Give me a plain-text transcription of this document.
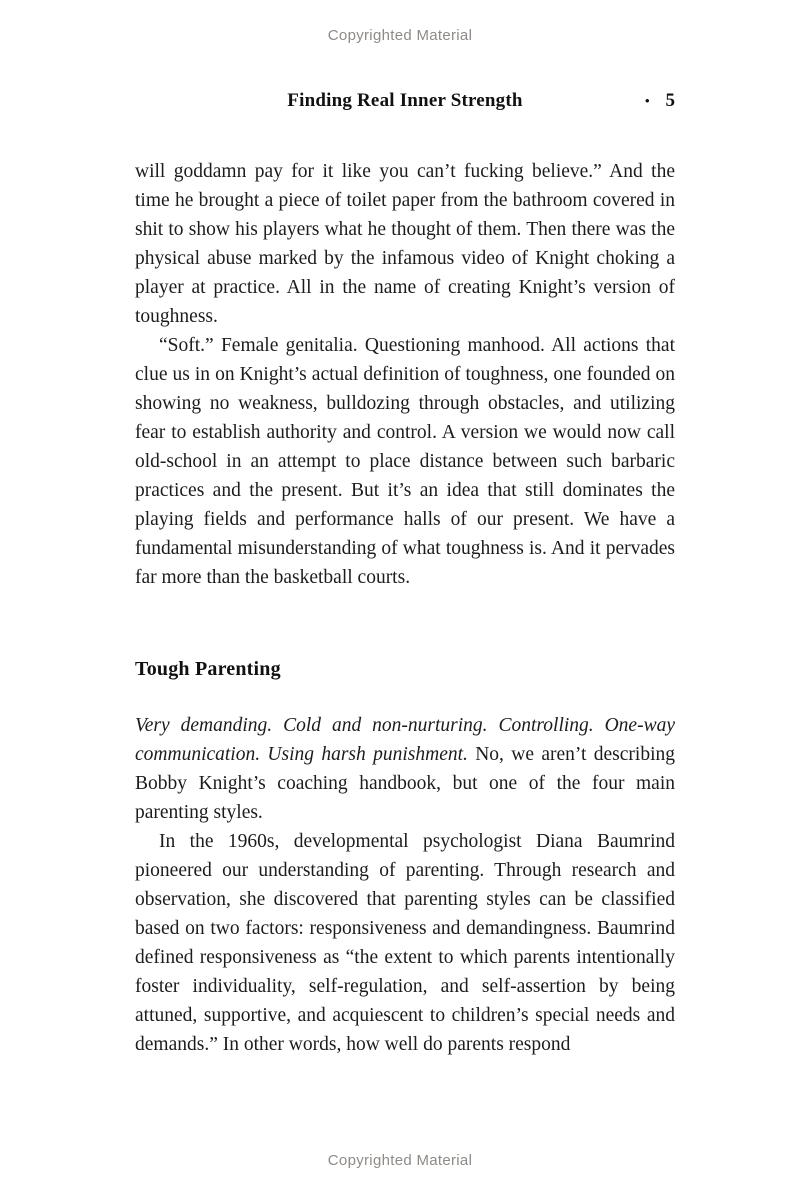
Copyrighted Material
Finding Real Inner Strength	• 5

will goddamn pay for it like you can’t fucking believe.” And the time he brought a piece of toilet paper from the bathroom covered in shit to show his players what he thought of them. Then there was the physical abuse marked by the infamous video of Knight choking a player at practice. All in the name of creating Knight’s version of toughness.

“Soft.” Female genitalia. Questioning manhood. All actions that clue us in on Knight’s actual definition of toughness, one founded on showing no weakness, bulldozing through obstacles, and utilizing fear to establish authority and control. A version we would now call old-school in an attempt to place distance between such barbaric practices and the present. But it’s an idea that still dominates the playing fields and performance halls of our present. We have a fundamental misunderstanding of what toughness is. And it pervades far more than the basketball courts.

Tough Parenting

Very demanding. Cold and non-nurturing. Controlling. One-way communication. Using harsh punishment. No, we aren’t describing Bobby Knight’s coaching handbook, but one of the four main parenting styles.

In the 1960s, developmental psychologist Diana Baumrind pioneered our understanding of parenting. Through research and observation, she discovered that parenting styles can be classified based on two factors: responsiveness and demandingness. Baumrind defined responsiveness as “the extent to which parents intentionally foster individuality, self-regulation, and self-assertion by being attuned, supportive, and acquiescent to children’s special needs and demands.” In other words, how well do parents respond

Copyrighted Material
